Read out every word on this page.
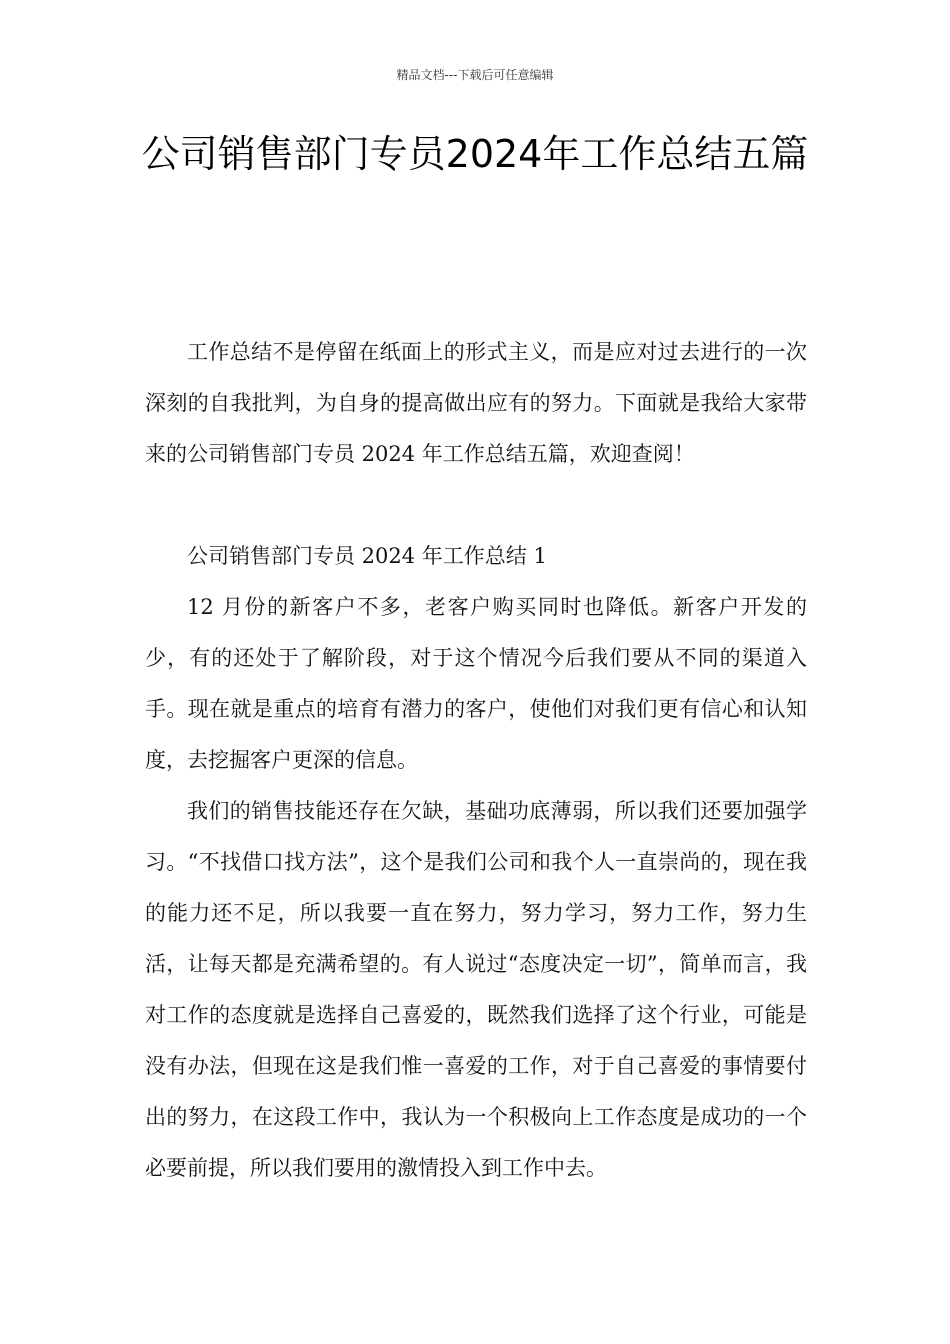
精品文档---下载后可任意编辑
公司销售部门专员2024年工作总结五篇

工作总结不是停留在纸面上的形式主义，而是应对过去进行的一次深刻的自我批判，为自身的提高做出应有的努力。下面就是我给大家带来的公司销售部门专员 2024 年工作总结五篇，欢迎查阅！

公司销售部门专员 2024 年工作总结 1

12 月份的新客户不多，老客户购买同时也降低。新客户开发的少，有的还处于了解阶段，对于这个情况今后我们要从不同的渠道入手。现在就是重点的培育有潜力的客户，使他们对我们更有信心和认知度，去挖掘客户更深的信息。

我们的销售技能还存在欠缺，基础功底薄弱，所以我们还要加强学习。“不找借口找方法”，这个是我们公司和我个人一直崇尚的，现在我的能力还不足，所以我要一直在努力，努力学习，努力工作，努力生活，让每天都是充满希望的。有人说过“态度决定一切”，简单而言，我对工作的态度就是选择自己喜爱的，既然我们选择了这个行业，可能是没有办法，但现在这是我们惟一喜爱的工作，对于自己喜爱的事情要付出的努力，在这段工作中，我认为一个积极向上工作态度是成功的一个必要前提，所以我们要用的激情投入到工作中去。
